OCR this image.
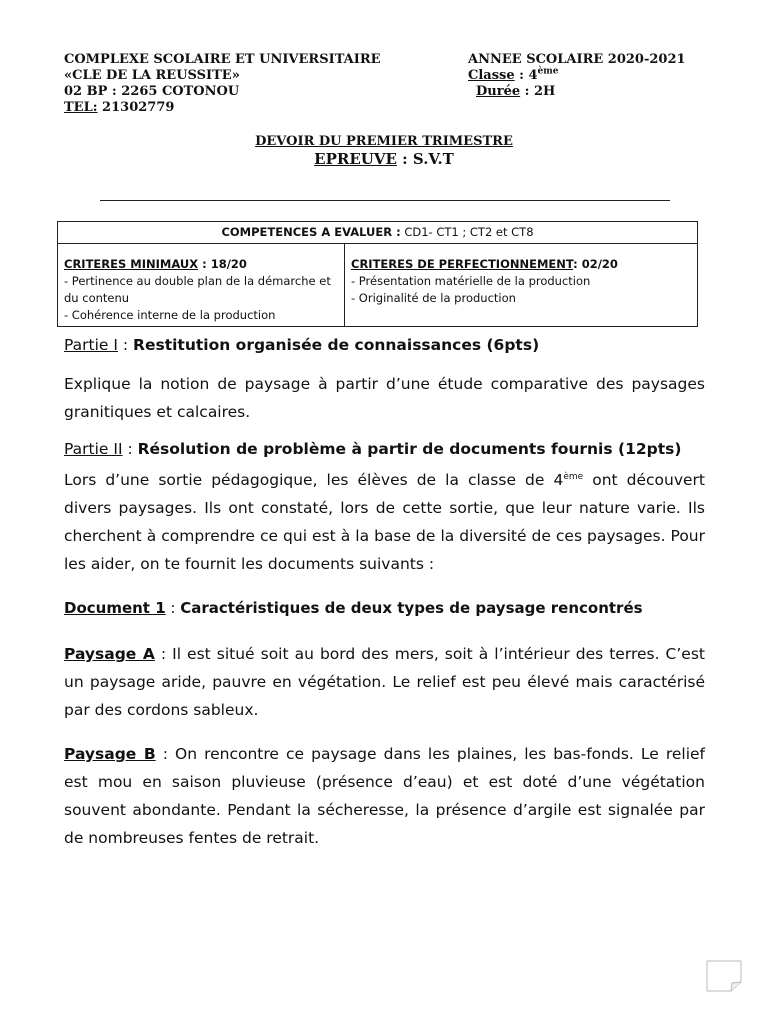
COMPLEXE SCOLAIRE ET UNIVERSITAIRE
«CLE DE LA REUSSITE»
02 BP : 2265 COTONOU
TEL: 21302779
ANNEE SCOLAIRE 2020-2021
Classe : 4ème
Durée : 2H
DEVOIR DU PREMIER TRIMESTRE
EPREUVE : S.V.T
COMPETENCES A EVALUER : CD1- CT1 ; CT2 et CT8

CRITERES MINIMAUX : 18/20
- Pertinence au double plan de la démarche et du contenu
- Cohérence interne de la production

CRITERES DE PERFECTIONNEMENT: 02/20
- Présentation matérielle de la production
- Originalité de la production
Partie I : Restitution organisée de connaissances (6pts)
Explique la notion de paysage à partir d’une étude comparative des paysages granitiques et calcaires.
Partie II : Résolution de problème à partir de documents fournis (12pts)
Lors d’une sortie pédagogique, les élèves de la classe de 4ème ont découvert divers paysages. Ils ont constaté, lors de cette sortie, que leur nature varie. Ils cherchent à comprendre ce qui est à la base de la diversité de ces paysages. Pour les aider, on te fournit les documents suivants :
Document 1 : Caractéristiques de deux types de paysage rencontrés
Paysage A : Il est situé soit au bord des mers, soit à l’intérieur des terres. C’est un paysage aride, pauvre en végétation. Le relief est peu élevé mais caractérisé par des cordons sableux.
Paysage B : On rencontre ce paysage dans les plaines, les bas-fonds. Le relief est mou en saison pluvieuse (présence d’eau) et est doté d’une végétation souvent abondante. Pendant la sécheresse, la présence d’argile est signalée par de nombreuses fentes de retrait.
